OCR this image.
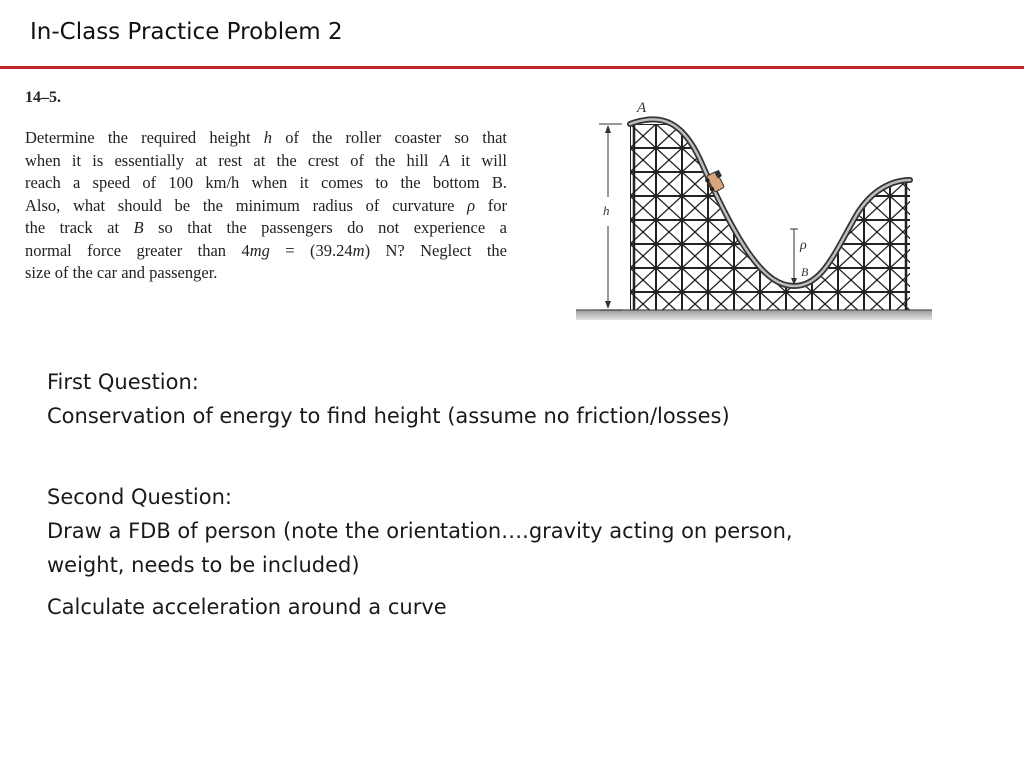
In-Class Practice Problem 2
14–5.
Determine the required height h of the roller coaster so that
when it is essentially at rest at the crest of the hill A it will
reach a speed of 100 km/h when it comes to the bottom B.
Also, what should be the minimum radius of curvature ρ for
the track at B so that the passengers do not experience a
normal force greater than 4mg = (39.24m) N? Neglect the
size of the car and passenger.
h
A
ρ
B
First Question:
Conservation of energy to find height (assume no friction/losses)
Second Question:
Draw a FDB of person (note the orientation….gravity acting on person,
weight, needs to be included)
Calculate acceleration around a curve
